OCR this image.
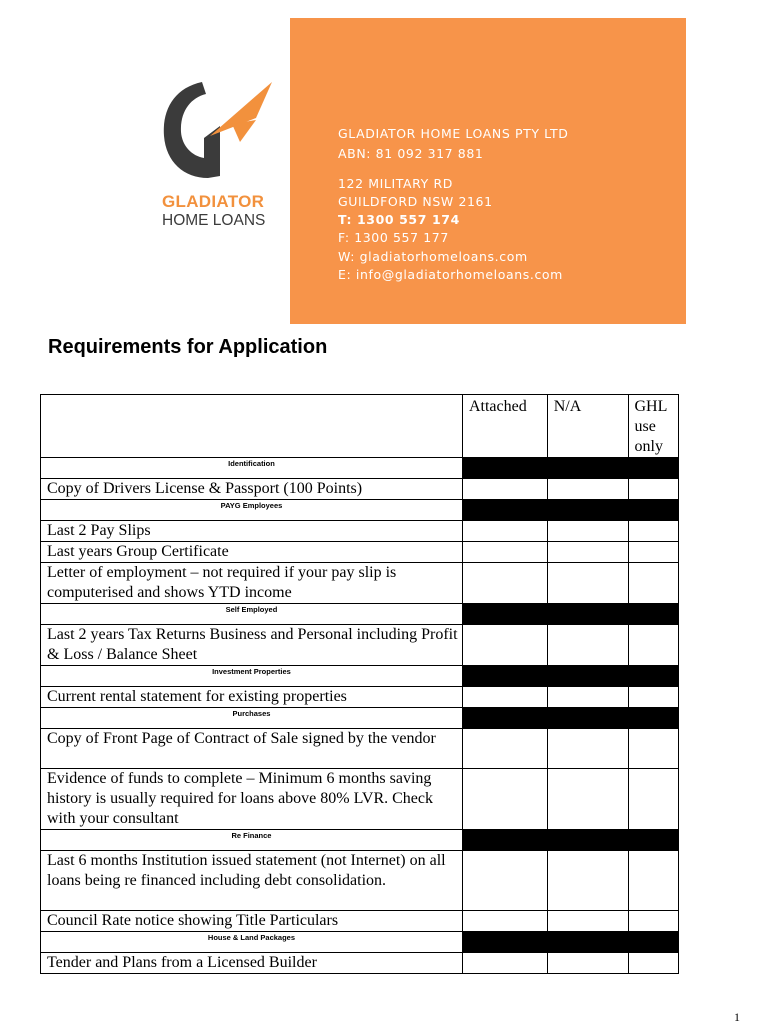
GLADIATOR
HOME LOANS
GLADIATOR HOME LOANS PTY LTD
ABN: 81 092 317 881
122 MILITARY RD
GUILDFORD NSW 2161
T: 1300 557 174
F: 1300 557 177
W: gladiatorhomeloans.com
E: info@gladiatorhomeloans.com
Requirements for Application
	Attached	N/A	GHL use only
Identification			
Copy of Drivers License & Passport (100 Points)			
PAYG Employees			
Last 2 Pay Slips			
Last years Group Certificate			
Letter of employment – not required if your pay slip is computerised and shows YTD income			
Self Employed			
Last 2 years Tax Returns Business and Personal including Profit & Loss / Balance Sheet			
Investment Properties			
Current rental statement for existing properties			
Purchases			
Copy of Front Page of Contract of Sale signed by the vendor			
Evidence of funds to complete – Minimum 6 months saving history is usually required for loans above 80% LVR. Check with your consultant			
Re Finance			
Last 6 months Institution issued statement (not Internet) on all loans being re financed including debt consolidation.			
Council Rate notice showing Title Particulars			
House & Land Packages			
Tender and Plans from a Licensed Builder			
1
